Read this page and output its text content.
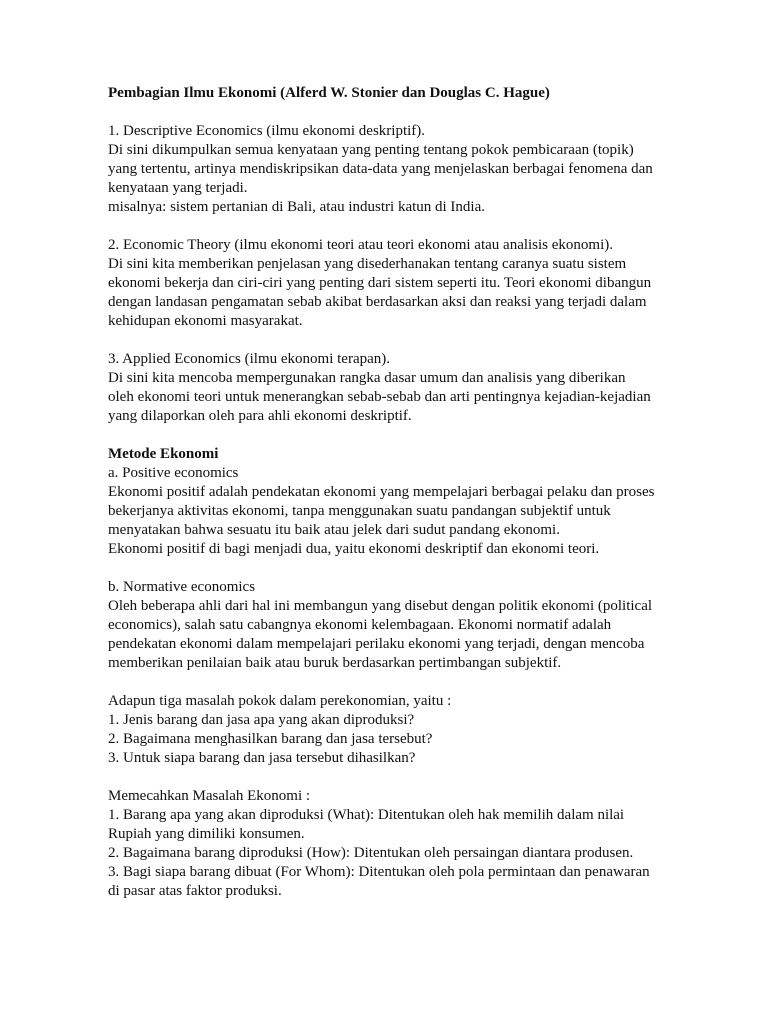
Pembagian Ilmu Ekonomi (Alferd W. Stonier dan Douglas C. Hague)
1. Descriptive Economics (ilmu ekonomi deskriptif).
Di sini dikumpulkan semua kenyataan yang penting tentang pokok pembicaraan (topik)
yang tertentu, artinya mendiskripsikan data-data yang menjelaskan berbagai fenomena dan
kenyataan yang terjadi.
misalnya: sistem pertanian di Bali, atau industri katun di India.
2. Economic Theory (ilmu ekonomi teori atau teori ekonomi atau analisis ekonomi).
Di sini kita memberikan penjelasan yang disederhanakan tentang caranya suatu sistem
ekonomi bekerja dan ciri-ciri yang penting dari sistem seperti itu. Teori ekonomi dibangun
dengan landasan pengamatan sebab akibat berdasarkan aksi dan reaksi yang terjadi dalam
kehidupan ekonomi masyarakat.
3. Applied Economics (ilmu ekonomi terapan).
Di sini kita mencoba mempergunakan rangka dasar umum dan analisis yang diberikan
oleh ekonomi teori untuk menerangkan sebab-sebab dan arti pentingnya kejadian-kejadian
yang dilaporkan oleh para ahli ekonomi deskriptif.
Metode Ekonomi
a. Positive economics
Ekonomi positif adalah pendekatan ekonomi yang mempelajari berbagai pelaku dan proses
bekerjanya aktivitas ekonomi, tanpa menggunakan suatu pandangan subjektif untuk
menyatakan bahwa sesuatu itu baik atau jelek dari sudut pandang ekonomi.
Ekonomi positif di bagi menjadi dua, yaitu ekonomi deskriptif dan ekonomi teori.
b. Normative economics
Oleh beberapa ahli dari hal ini membangun yang disebut dengan politik ekonomi (political
economics), salah satu cabangnya ekonomi kelembagaan. Ekonomi normatif adalah
pendekatan ekonomi dalam mempelajari perilaku ekonomi yang terjadi, dengan mencoba
memberikan penilaian baik atau buruk berdasarkan pertimbangan subjektif.
Adapun tiga masalah pokok dalam perekonomian, yaitu :
1. Jenis barang dan jasa apa yang akan diproduksi?
2. Bagaimana menghasilkan barang dan jasa tersebut?
3. Untuk siapa barang dan jasa tersebut dihasilkan?
Memecahkan Masalah Ekonomi :
1. Barang apa yang akan diproduksi (What): Ditentukan oleh hak memilih dalam nilai
Rupiah yang dimiliki konsumen.
2. Bagaimana barang diproduksi (How): Ditentukan oleh persaingan diantara produsen.
3. Bagi siapa barang dibuat (For Whom): Ditentukan oleh pola permintaan dan penawaran
di pasar atas faktor produksi.
